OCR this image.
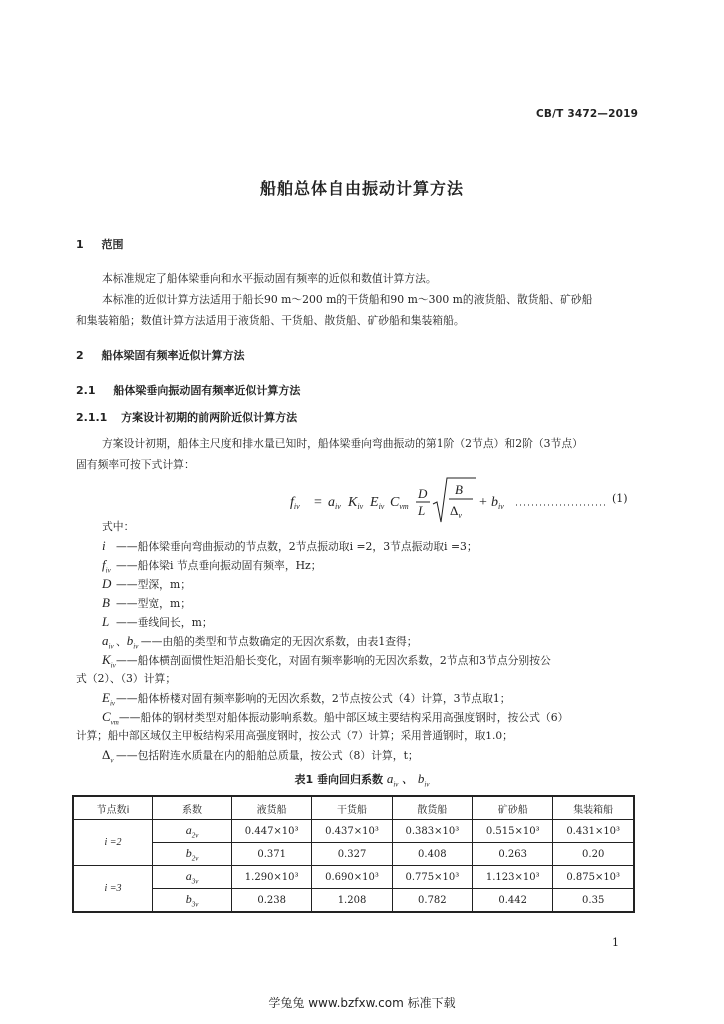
CB/T 3472—2019
船舶总体自由振动计算方法
1 范围
本标准规定了船体梁垂向和水平振动固有频率的近似和数值计算方法。
本标准的近似计算方法适用于船长90 m～200 m的干货船和90 m～300 m的液货船、散货船、矿砂船
和集装箱船；数值计算方法适用于液货船、干货船、散货船、矿砂船和集装箱船。
2 船体梁固有频率近似计算方法
2.1 船体梁垂向振动固有频率近似计算方法
2.1.1 方案设计初期的前两阶近似计算方法
方案设计初期，船体主尺度和排水量已知时，船体梁垂向弯曲振动的第1阶（2节点）和2阶（3节点）
固有频率可按下式计算：
$f_{iv} = a_{iv}$ $K_{iv}$ $E_{iv}$ $C_{vm}$
D
L
B
$\Delta_v$
+ $b_{iv}$
(1)
式中：
i ——船体梁垂向弯曲振动的节点数，2节点振动取i =2，3节点振动取i =3；
$f_{iv}$ ——船体梁i 节点垂向振动固有频率，Hz；
D ——型深，m；
B ——型宽，m；
L ——垂线间长，m；
$a_{iv}$ 、$b_{iv}$ ——由船的类型和节点数确定的无因次系数，由表1查得；
$K_{iv}——$船体横剖面惯性矩沿船长变化，对固有频率影响的无因次系数，2节点和3节点分别按公
式（2）、（3）计算；
$E_{iv}——$船体桥楼对固有频率影响的无因次系数，2节点按公式（4）计算，3节点取1；
$C_{vm}——$船体的钢材类型对船体振动影响系数。船中部区域主要结构采用高强度钢时，按公式（6）
计算；船中部区域仅主甲板结构采用高强度钢时，按公式（7）计算；采用普通钢时，取1.0；
表1 垂向回归系数 $a_{iv}$ 、 $b_{iv}$
节点数i	系数	液货船	干货船	散货船	矿砂船	集装箱船
i =2	$a_{2v}$	0.447×10³	0.437×10³	0.383×10³	0.515×10³	0.431×10³
	$b_{2v}$	0.371	0.327	0.408	0.263	0.20
i =3	$a_{3v}$	1.290×10³	0.690×10³	0.775×10³	1.123×10³	0.875×10³
	$b_{3v}$	0.238	1.208	0.782	0.442	0.35
1
学兔兔 www.bzfxw.com 标准下载
$\Delta_v$ ——包括附连水质量在内的船舶总质量，按公式（8）计算，t；
